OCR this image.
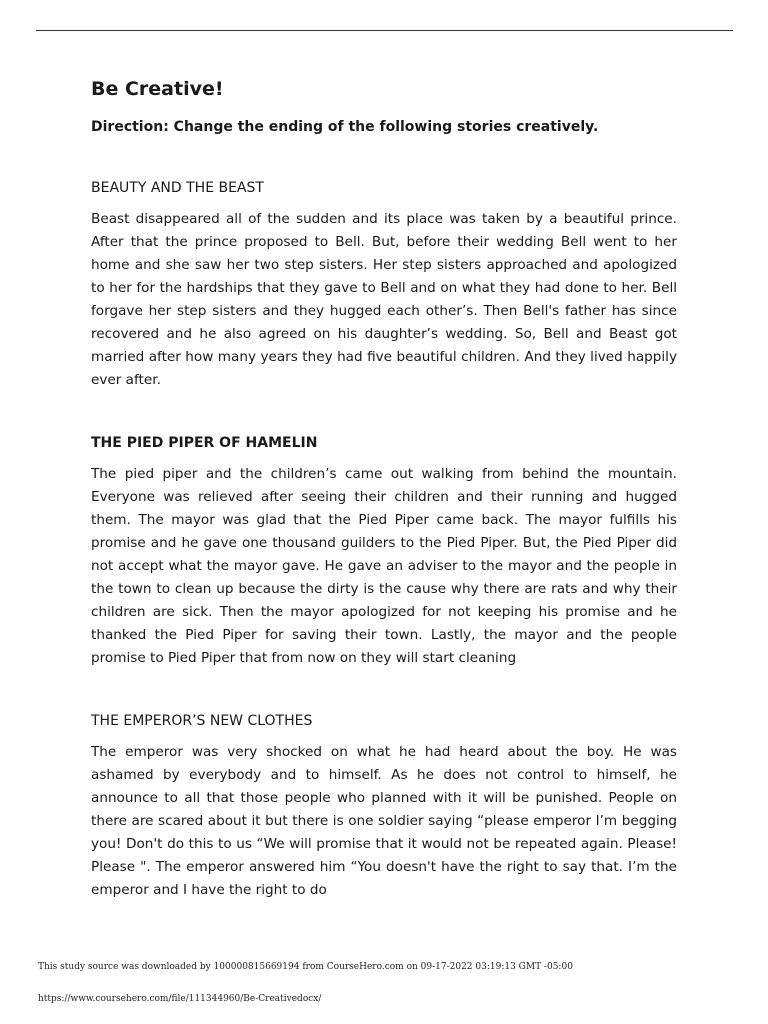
Be Creative!

Direction: Change the ending of the following stories creatively.

BEAUTY AND THE BEAST

Beast disappeared all of the sudden and its place was taken by a beautiful prince. After that the prince proposed to Bell. But, before their wedding Bell went to her home and she saw her two step sisters. Her step sisters approached and apologized to her for the hardships that they gave to Bell and on what they had done to her. Bell forgave her step sisters and they hugged each other’s. Then Bell's father has since recovered and he also agreed on his daughter’s wedding. So, Bell and Beast got married after how many years they had five beautiful children. And they lived happily ever after.

THE PIED PIPER OF HAMELIN

The pied piper and the children’s came out walking from behind the mountain. Everyone was relieved after seeing their children and their running and hugged them. The mayor was glad that the Pied Piper came back. The mayor fulfills his promise and he gave one thousand guilders to the Pied Piper. But, the Pied Piper did not accept what the mayor gave. He gave an adviser to the mayor and the people in the town to clean up because the dirty is the cause why there are rats and why their children are sick. Then the mayor apologized for not keeping his promise and he thanked the Pied Piper for saving their town. Lastly, the mayor and the people promise to Pied Piper that from now on they will start cleaning

THE EMPEROR’S NEW CLOTHES

The emperor was very shocked on what he had heard about the boy. He was ashamed by everybody and to himself. As he does not control to himself, he announce to all that those people who planned with it will be punished. People on there are scared about it but there is one soldier saying “please emperor I’m begging you! Don't do this to us “We will promise that it would not be repeated again. Please! Please ". The emperor answered him “You doesn't have the right to say that. I’m the emperor and I have the right to do

This study source was downloaded by 100000815669194 from CourseHero.com on 09-17-2022 03:19:13 GMT -05:00
https://www.coursehero.com/file/111344960/Be-Creativedocx/
